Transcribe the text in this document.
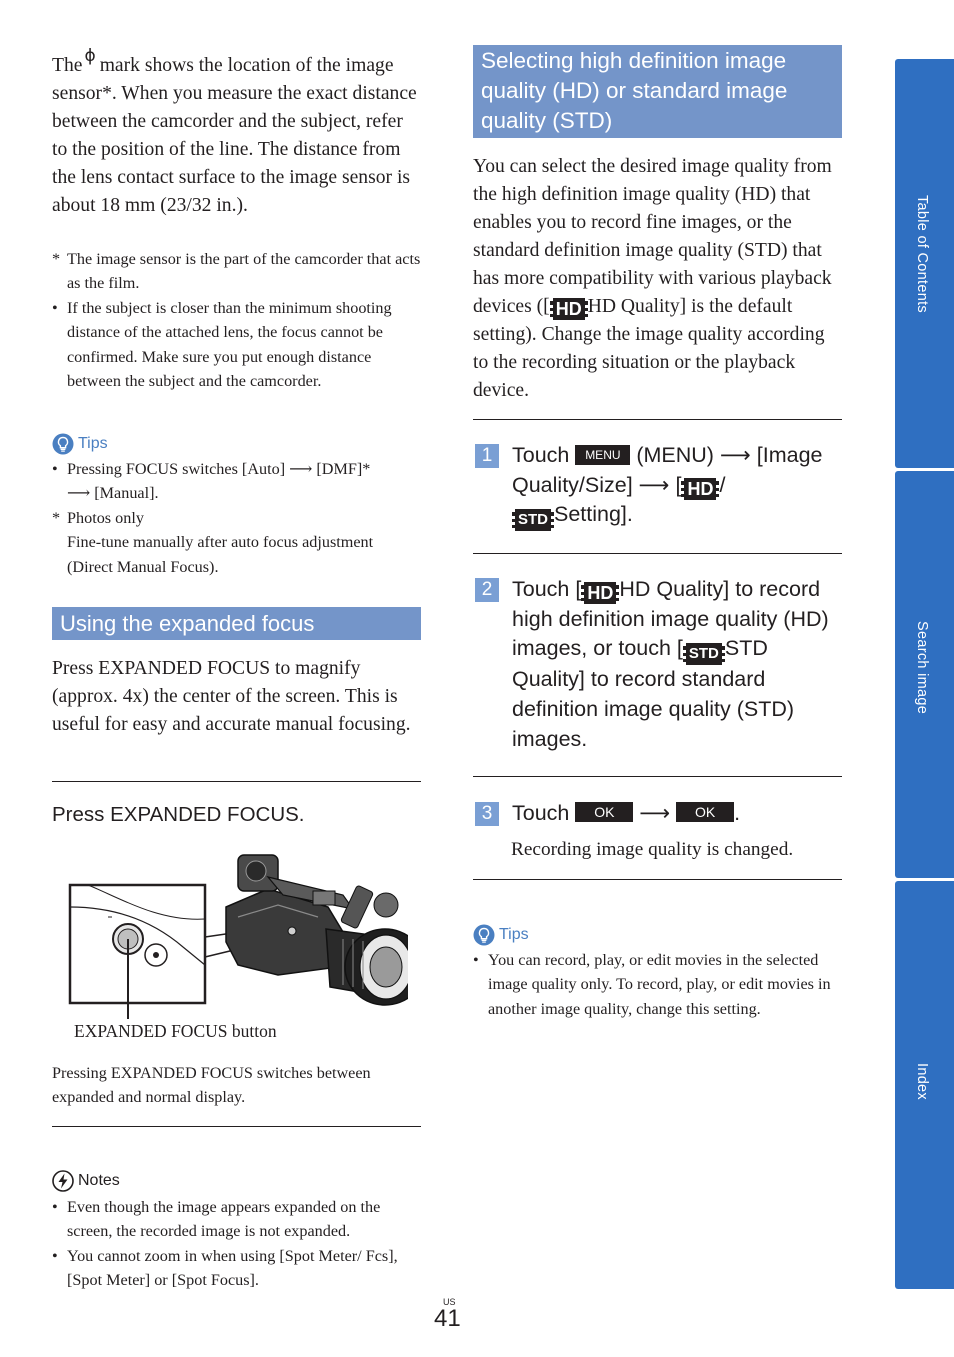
The ϕ mark shows the location of the image sensor*. When you measure the exact distance between the camcorder and the subject, refer to the position of the line. The distance from the lens contact surface to the image sensor is about 18 mm (23/32 in.).

* The image sensor is the part of the camcorder that acts as the film.
• If the subject is closer than the minimum shooting distance of the attached lens, the focus cannot be confirmed. Make sure you put enough distance between the subject and the camcorder.
Tips
• Pressing FOCUS switches [Auto] ⟶ [DMF]*
⟶ [Manual].
* Photos only
Fine-tune manually after auto focus adjustment (Direct Manual Focus).
Using the expanded focus

Press EXPANDED FOCUS to magnify (approx. 4x) the center of the screen. This is useful for easy and accurate manual focusing.

Press EXPANDED FOCUS.
EXPANDED FOCUS button

Pressing EXPANDED FOCUS switches between expanded and normal display.

Notes
• Even though the image appears expanded on the screen, the recorded image is not expanded.
• You cannot zoom in when using [Spot Meter/ Fcs], [Spot Meter] or [Spot Focus].
Selecting high definition image quality (HD) or standard image quality (STD)

You can select the desired image quality from the high definition image quality (HD) that enables you to record fine images, or the standard definition image quality (STD) that has more compatibility with various playback devices ([ HD HD Quality] is the default setting). Change the image quality according to the recording situation or the playback device.

1 Touch MENU (MENU) ⟶ [Image Quality/Size] ⟶ [ HD /
STD Setting].
2 Touch [ HD HD Quality] to record high definition image quality (HD) images, or touch [ STD STD Quality] to record standard definition image quality (STD) images.
3 Touch OK ⟶ OK .

Recording image quality is changed.

Tips
• You can record, play, or edit movies in the selected image quality only. To record, play, or edit movies in another image quality, change this setting.
Table of Contents
Search image
Index
US
41
